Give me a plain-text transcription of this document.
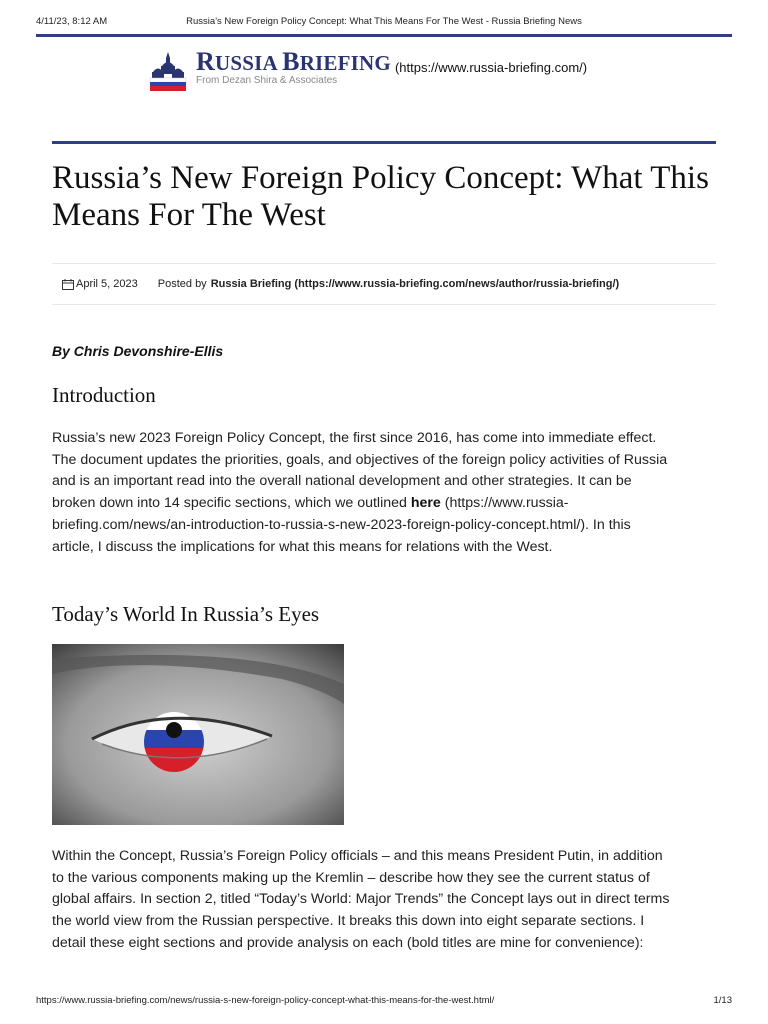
4/11/23, 8:12 AM	Russia's New Foreign Policy Concept: What This Means For The West - Russia Briefing News
RUSSIA BRIEFING
From Dezan Shira & Associates
(https://www.russia-briefing.com/)
Russia’s New Foreign Policy Concept: What This Means For The West
April 5, 2023 Posted by Russia Briefing (https://www.russia-briefing.com/news/author/russia-briefing/)
By Chris Devonshire-Ellis
Introduction

Russia’s new 2023 Foreign Policy Concept, the first since 2016, has come into immediate effect. The document updates the priorities, goals, and objectives of the foreign policy activities of Russia and is an important read into the overall national development and other strategies. It can be broken down into 14 specific sections, which we outlined here (https://www.russia-briefing.com/news/an-introduction-to-russia-s-new-2023-foreign-policy-concept.html/). In this article, I discuss the implications for what this means for relations with the West.

Today’s World In Russia’s Eyes

Within the Concept, Russia’s Foreign Policy officials – and this means President Putin, in addition to the various components making up the Kremlin – describe how they see the current status of global affairs. In section 2, titled “Today’s World: Major Trends” the Concept lays out in direct terms the world view from the Russian perspective. It breaks this down into eight separate sections. I detail these eight sections and provide analysis on each (bold titles are mine for convenience):

https://www.russia-briefing.com/news/russia-s-new-foreign-policy-concept-what-this-means-for-the-west.html/	1/13
